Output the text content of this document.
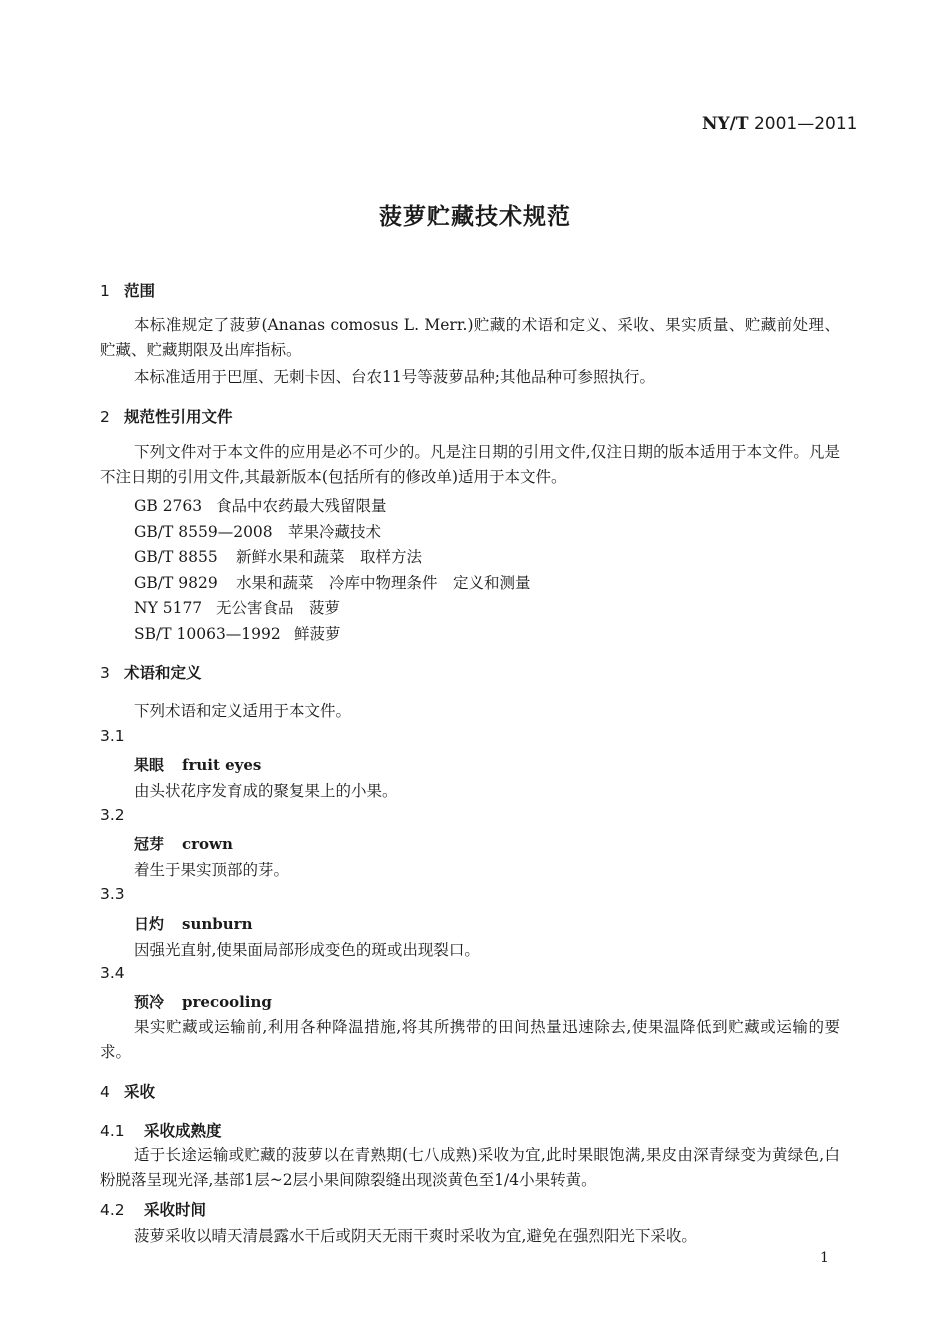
NY/T 2001—2011
菠萝贮藏技术规范
1 范围
本标准规定了菠萝(Ananas comosus L. Merr.)贮藏的术语和定义、采收、果实质量、贮藏前处理、贮藏、贮藏期限及出库指标。
本标准适用于巴厘、无刺卡因、台农11号等菠萝品种;其他品种可参照执行。
2 规范性引用文件
下列文件对于本文件的应用是必不可少的。凡是注日期的引用文件,仅注日期的版本适用于本文件。凡是不注日期的引用文件,其最新版本(包括所有的修改单)适用于本文件。
GB 2763 食品中农药最大残留限量
GB/T 8559—2008 苹果冷藏技术
GB/T 8855 新鲜水果和蔬菜　取样方法
GB/T 9829 水果和蔬菜　冷库中物理条件　定义和测量
NY 5177 无公害食品　菠萝
SB/T 10063—1992 鲜菠萝
3 术语和定义
下列术语和定义适用于本文件。
3.1
果眼 fruit eyes
由头状花序发育成的聚复果上的小果。
3.2
冠芽 crown
着生于果实顶部的芽。
3.3
日灼 sunburn
因强光直射,使果面局部形成变色的斑或出现裂口。
3.4
预冷 precooling
果实贮藏或运输前,利用各种降温措施,将其所携带的田间热量迅速除去,使果温降低到贮藏或运输的要求。
4 采收
4.1 采收成熟度
适于长途运输或贮藏的菠萝以在青熟期(七八成熟)采收为宜,此时果眼饱满,果皮由深青绿变为黄绿色,白粉脱落呈现光泽,基部1层~2层小果间隙裂缝出现淡黄色至1/4小果转黄。
4.2 采收时间
菠萝采收以晴天清晨露水干后或阴天无雨干爽时采收为宜,避免在强烈阳光下采收。
1
